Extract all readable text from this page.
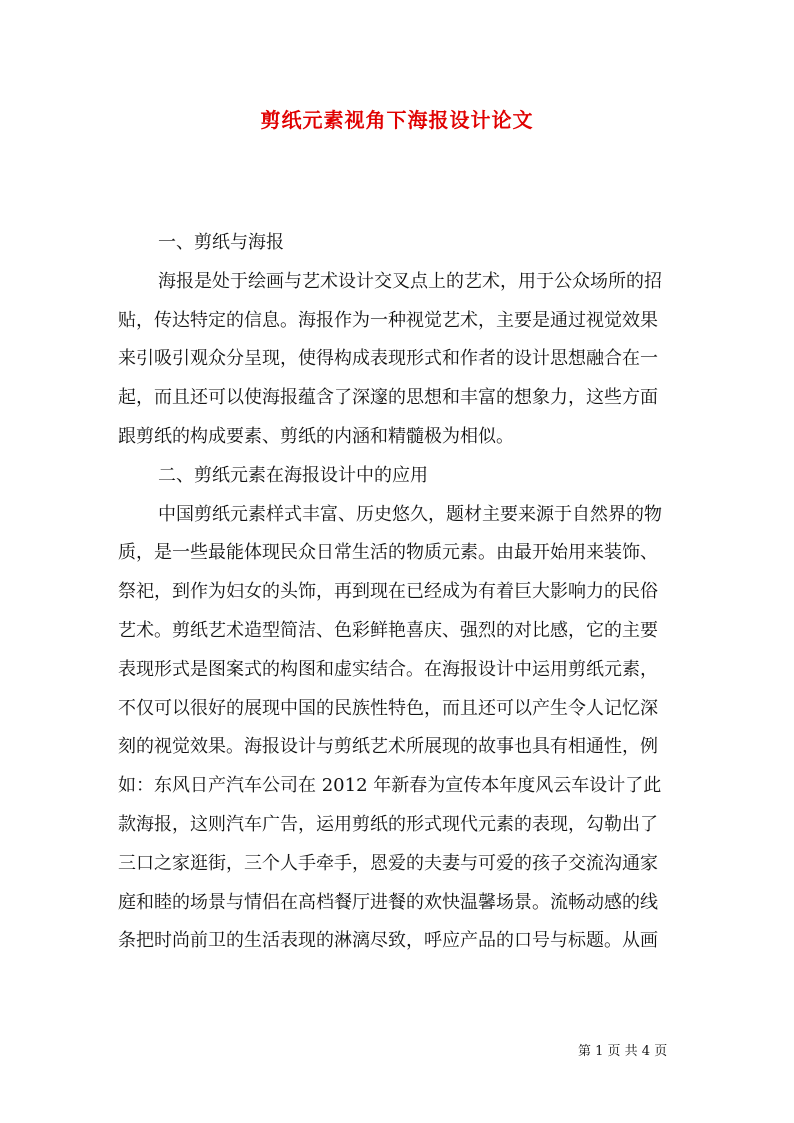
剪纸元素视角下海报设计论文
一、剪纸与海报
海报是处于绘画与艺术设计交叉点上的艺术，用于公众场所的招
贴，传达特定的信息。海报作为一种视觉艺术，主要是通过视觉效果
来引吸引观众分呈现，使得构成表现形式和作者的设计思想融合在一
起，而且还可以使海报蕴含了深邃的思想和丰富的想象力，这些方面
跟剪纸的构成要素、剪纸的内涵和精髓极为相似。
二、剪纸元素在海报设计中的应用
中国剪纸元素样式丰富、历史悠久，题材主要来源于自然界的物
质，是一些最能体现民众日常生活的物质元素。由最开始用来装饰、
祭祀，到作为妇女的头饰，再到现在已经成为有着巨大影响力的民俗
艺术。剪纸艺术造型简洁、色彩鲜艳喜庆、强烈的对比感，它的主要
表现形式是图案式的构图和虚实结合。在海报设计中运用剪纸元素，
不仅可以很好的展现中国的民族性特色，而且还可以产生令人记忆深
刻的视觉效果。海报设计与剪纸艺术所展现的故事也具有相通性，例
如：东风日产汽车公司在 2012 年新春为宣传本年度风云车设计了此
款海报，这则汽车广告，运用剪纸的形式现代元素的表现，勾勒出了
三口之家逛街，三个人手牵手，恩爱的夫妻与可爱的孩子交流沟通家
庭和睦的场景与情侣在高档餐厅进餐的欢快温馨场景。流畅动感的线
条把时尚前卫的生活表现的淋漓尽致，呼应产品的口号与标题。从画
第 1 页 共 4 页
